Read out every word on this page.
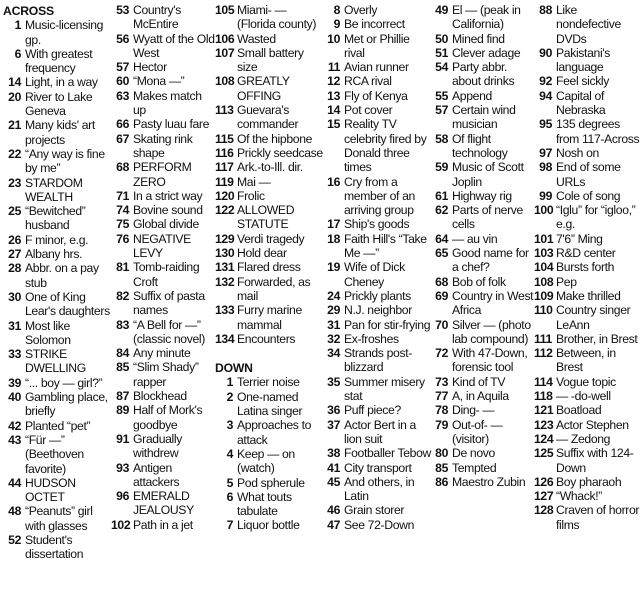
ACROSS
1 Music-licensing gp.
6 With greatest frequency
14 Light, in a way
20 River to Lake Geneva
21 Many kids' art projects
22 “Any way is fine by me”
23 STARDOM WEALTH
25 “Bewitched” husband
26 F minor, e.g.
27 Albany hrs.
28 Abbr. on a pay stub
30 One of King Lear's daughters
31 Most like Solomon
33 STRIKE DWELLING
39 “... boy — girl?”
40 Gambling place, briefly
42 Planted “pet”
43 “Für —” (Beethoven favorite)
44 HUDSON OCTET
48 “Peanuts” girl with glasses
52 Student's dissertation
53 Country's McEntire
56 Wyatt of the Old West
57 Hector
60 “Mona —”
63 Makes match up
66 Pasty luau fare
67 Skating rink shape
68 PERFORM ZERO
71 In a strict way
74 Bovine sound
75 Global divide
76 NEGATIVE LEVY
81 Tomb-raiding Croft
82 Suffix of pasta names
83 “A Bell for —” (classic novel)
84 Any minute
85 “Slim Shady” rapper
87 Blockhead
89 Half of Mork's goodbye
91 Gradually withdrew
93 Antigen attackers
96 EMERALD JEALOUSY
102 Path in a jet
105 Miami- — (Florida county)
106 Wasted
107 Small battery size
108 GREATLY OFFING
113 Guevara's commander
115 Of the hipbone
116 Prickly seedcase
117 Ark.-to-Ill. dir.
119 Mai —
120 Frolic
122 ALLOWED STATUTE
129 Verdi tragedy
130 Hold dear
131 Flared dress
132 Forwarded, as mail
133 Furry marine mammal
134 Encounters
DOWN
1 Terrier noise
2 One-named Latina singer
3 Approaches to attack
4 Keep — on (watch)
5 Pod spherule
6 What touts tabulate
7 Liquor bottle
8 Overly
9 Be incorrect
10 Met or Phillie rival
11 Avian runner
12 RCA rival
13 Fly of Kenya
14 Pot cover
15 Reality TV celebrity fired by Donald three times
16 Cry from a member of an arriving group
17 Ship's goods
18 Faith Hill's “Take Me —”
19 Wife of Dick Cheney
24 Prickly plants
29 N.J. neighbor
31 Pan for stir-frying
32 Ex-froshes
34 Strands post-blizzard
35 Summer misery stat
36 Puff piece?
37 Actor Bert in a lion suit
38 Footballer Tebow
41 City transport
45 And others, in Latin
46 Grain storer
47 See 72-Down
49 El — (peak in California)
50 Mined find
51 Clever adage
54 Party abbr. about drinks
55 Append
57 Certain wind musician
58 Of flight technology
59 Music of Scott Joplin
61 Highway rig
62 Parts of nerve cells
64 — au vin
65 Good name for a chef?
68 Bob of folk
69 Country in West Africa
70 Silver — (photo lab compound)
72 With 47-Down, forensic tool
73 Kind of TV
77 A, in Aquila
78 Ding- —
79 Out-of- — (visitor)
80 De novo
85 Tempted
86 Maestro Zubin
88 Like nondefective DVDs
90 Pakistani's language
92 Feel sickly
94 Capital of Nebraska
95 135 degrees from 117-Across
97 Nosh on
98 End of some URLs
99 Cole of song
100 “Iglu” for “igloo,” e.g.
101 7'6” Ming
103 R&D center
104 Bursts forth
108 Pep
109 Make thrilled
110 Country singer LeAnn
111 Brother, in Brest
112 Between, in Brest
114 Vogue topic
118 — -do-well
121 Boatload
123 Actor Stephen
124 — Zedong
125 Suffix with 124-Down
126 Boy pharaoh
127 “Whack!”
128 Craven of horror films
